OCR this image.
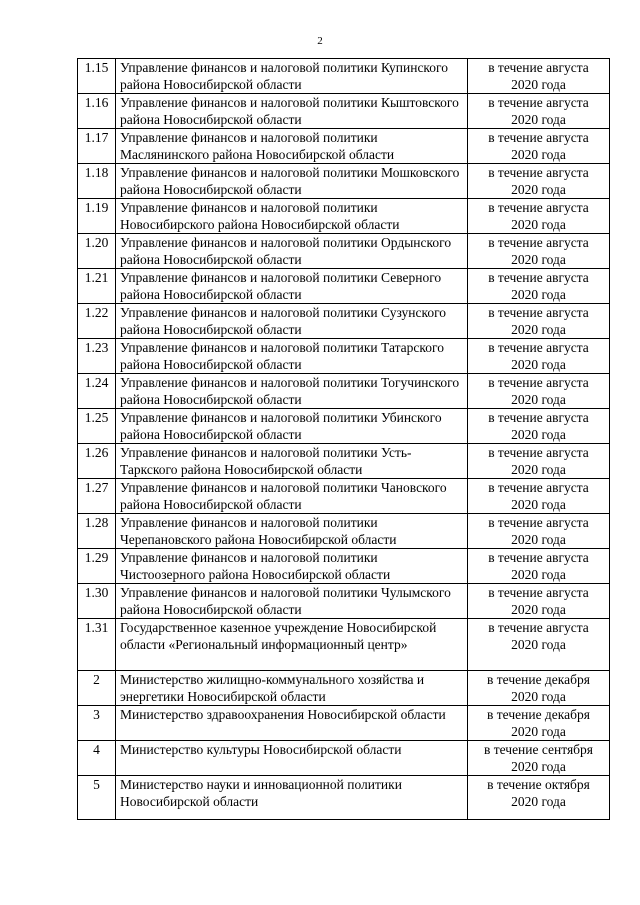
2
1.15	Управление финансов и налоговой политики Купинского района Новосибирской области	в течение августа
2020 года
1.16	Управление финансов и налоговой политики Кыштовского района Новосибирской области	в течение августа
2020 года
1.17	Управление финансов и налоговой политики Маслянинского района Новосибирской области	в течение августа
2020 года
1.18	Управление финансов и налоговой политики Мошковского района Новосибирской области	в течение августа
2020 года
1.19	Управление финансов и налоговой политики Новосибирского района Новосибирской области	в течение августа
2020 года
1.20	Управление финансов и налоговой политики Ордынского района Новосибирской области	в течение августа
2020 года
1.21	Управление финансов и налоговой политики Северного района Новосибирской области	в течение августа
2020 года
1.22	Управление финансов и налоговой политики Сузунского района Новосибирской области	в течение августа
2020 года
1.23	Управление финансов и налоговой политики Татарского района Новосибирской области	в течение августа
2020 года
1.24	Управление финансов и налоговой политики Тогучинского района Новосибирской области	в течение августа
2020 года
1.25	Управление финансов и налоговой политики Убинского района Новосибирской области	в течение августа
2020 года
1.26	Управление финансов и налоговой политики Усть-Таркского района Новосибирской области	в течение августа
2020 года
1.27	Управление финансов и налоговой политики Чановского района Новосибирской области	в течение августа
2020 года
1.28	Управление финансов и налоговой политики Черепановского района Новосибирской области	в течение августа
2020 года
1.29	Управление финансов и налоговой политики Чистоозерного района Новосибирской области	в течение августа
2020 года
1.30	Управление финансов и налоговой политики Чулымского района Новосибирской области	в течение августа
2020 года
1.31	Государственное казенное учреждение Новосибирской области «Региональный информационный центр»	в течение августа
2020 года
2	Министерство жилищно-коммунального хозяйства и энергетики Новосибирской области	в течение декабря
2020 года
3	Министерство здравоохранения Новосибирской области	в течение декабря
2020 года
4	Министерство культуры Новосибирской области	в течение сентября
2020 года
5	Министерство науки и инновационной политики Новосибирской области	в течение октября
2020 года
